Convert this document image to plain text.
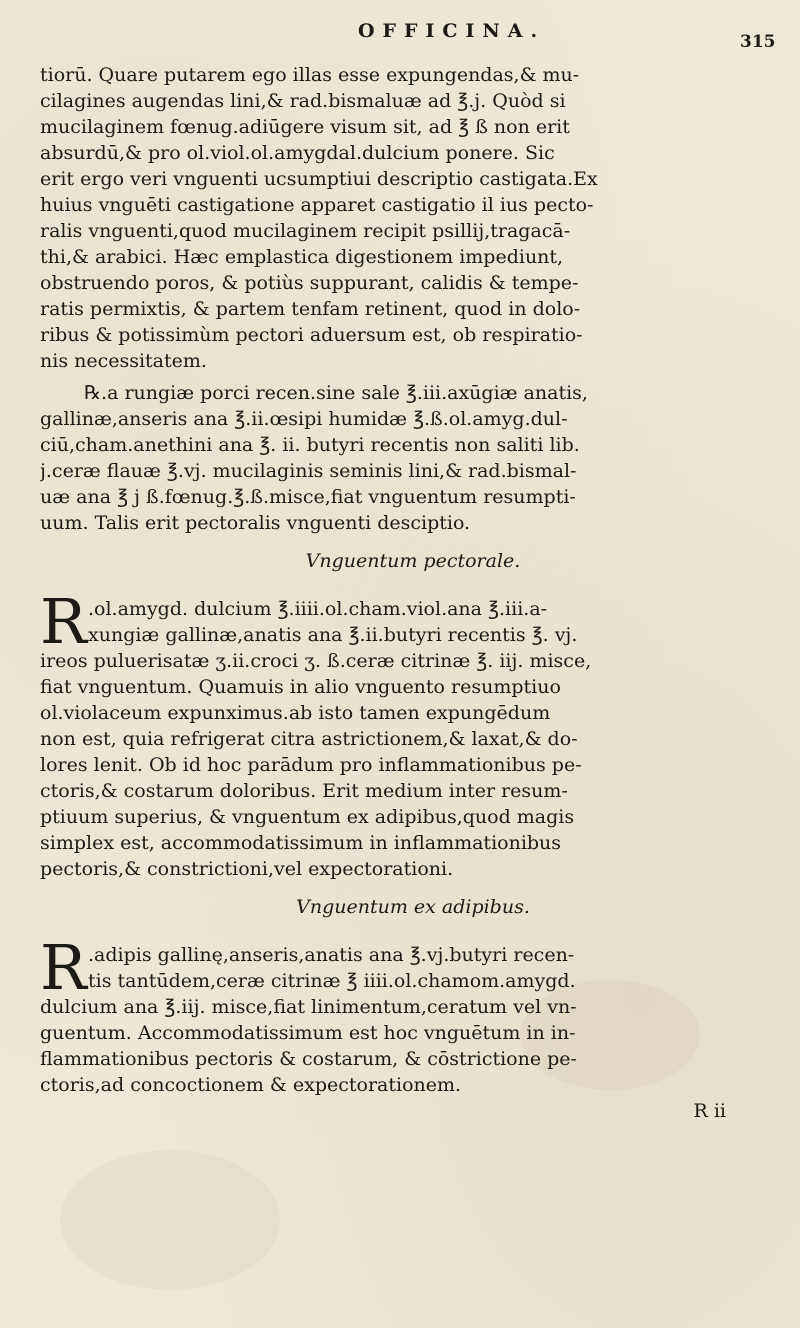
OFFICINA.	315
tiorū. Quare putarem ego illas esse expungendas,& mu-
cilagines augendas lini,& rad.bismaluæ ad ℥.j. Quòd si
mucilaginem fœnug.adiūgere visum sit, ad ℥ ß non erit
absurdū,& pro ol.viol.ol.amygdal.dulcium ponere. Sic
erit ergo veri vnguenti ucsumptiui descriptio castigata.Ex
huius vnguēti castigatione apparet castigatio il ius pecto-
ralis vnguenti,quod mucilaginem recipit psillij,tragacā-
thi,& arabici. Hæc emplastica digestionem impediunt,
obstruendo poros, & potiùs suppurant, calidis & tempe-
ratis permixtis, & partem tenfam retinent, quod in dolo-
ribus & potissimùm pectori aduersum est, ob respiratio-
nis necessitatem.
℞.a rungiæ porci recen.sine sale ℥.iii.axūgiæ anatis,
gallinæ,anseris ana ℥.ii.œsipi humidæ ℥.ß.ol.amyg.dul-
ciū,cham.anethini ana ℥. ii. butyri recentis non saliti lib.
j.ceræ flauæ ℥.vj. mucilaginis seminis lini,& rad.bismal-
uæ ana ℥ j ß.fœnug.℥.ß.misce,fiat vnguentum resumpti-
uum. Talis erit pectoralis vnguenti desciptio.
Vnguentum pectorale.
R .ol.amygd. dulcium ℥.iiii.ol.cham.viol.ana ℥.iii.a-
xungiæ gallinæ,anatis ana ℥.ii.butyri recentis ℥. vj.
ireos puluerisatæ ʒ.ii.croci ʒ. ß.ceræ citrinæ ℥. iij. misce,
fiat vnguentum. Quamuis in alio vnguento resumptiuo
ol.violaceum expunximus.ab isto tamen expungēdum
non est, quia refrigerat citra astrictionem,& laxat,& do-
lores lenit. Ob id hoc parādum pro inflammationibus pe-
ctoris,& costarum doloribus. Erit medium inter resum-
ptiuum superius, & vnguentum ex adipibus,quod magis
simplex est, accommodatissimum in inflammationibus
pectoris,& constrictioni,vel expectorationi.
Vnguentum ex adipibus.
R .adipis gallinę,anseris,anatis ana ℥.vj.butyri recen-
tis tantūdem,ceræ citrinæ ℥ iiii.ol.chamom.amygd.
dulcium ana ℥.iij. misce,fiat linimentum,ceratum vel vn-
guentum. Accommodatissimum est hoc vnguētum in in-
flammationibus pectoris & costarum, & cōstrictione pe-
ctoris,ad concoctionem & expectorationem.
R ii
